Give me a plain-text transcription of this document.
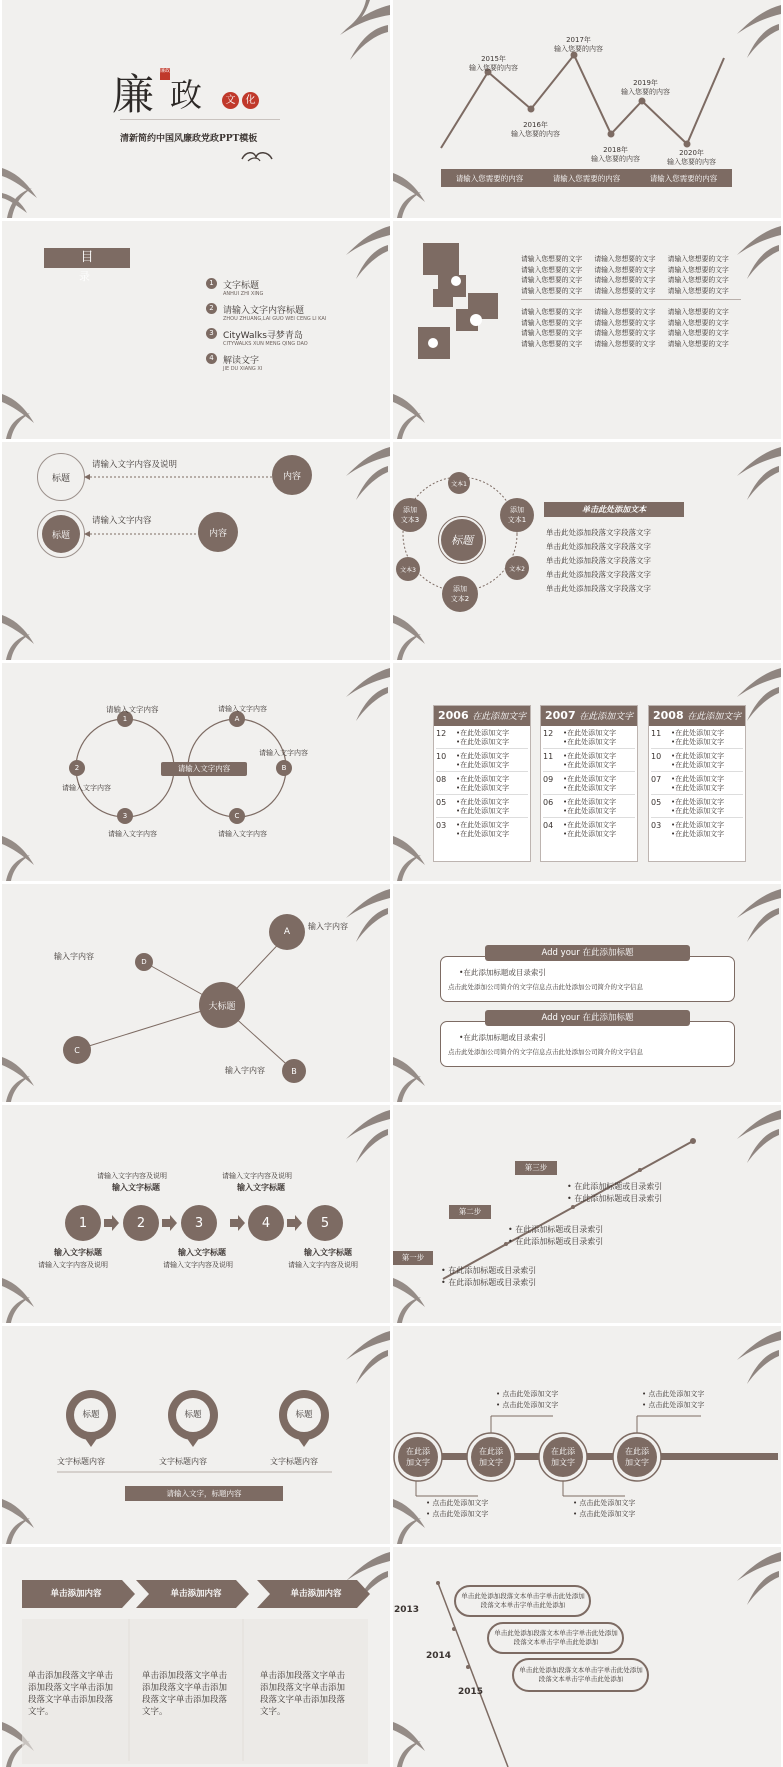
廉 廉政
政	文	化
清新简约中国风廉政党政PPT模板
2015年
输入您要的内容
2016年
输入您要的内容
2017年
输入您要的内容
2018年
输入您要的内容
2019年
输入您要的内容
2020年
输入您要的内容
请输入您需要的内容	请输入您需要的内容	请输入您需要的内容
目
录	1	文字标题
ANHUI ZHI XING
2	请输入文字内容标题
ZHOU ZHUANG,LAI GUO WEI CENG LI KAI
3	CityWalks寻梦青岛
CITYWALKS XUN MENG QING DAO
4	解读文字
JIE DU XIANG XI
请输入您想要的文字	请输入您想要的文字	请输入您想要的文字
请输入您想要的文字	请输入您想要的文字	请输入您想要的文字
请输入您想要的文字	请输入您想要的文字	请输入您想要的文字
请输入您想要的文字	请输入您想要的文字	请输入您想要的文字
请输入您想要的文字	请输入您想要的文字	请输入您想要的文字
请输入您想要的文字	请输入您想要的文字	请输入您想要的文字
请输入您想要的文字	请输入您想要的文字	请输入您想要的文字
请输入您想要的文字	请输入您想要的文字	请输入您想要的文字
标题
请输入文字内容及说明
内容
标题
请输入文字内容
内容
标题
文本1
添加
文本1
文本2
添加
文本2
文本3
添加
文本3
单击此处添加文本
单击此处添加段落文字段落文字
单击此处添加段落文字段落文字
单击此处添加段落文字段落文字
单击此处添加段落文字段落文字
单击此处添加段落文字段落文字
请输入文字内容
1
2
3
A
B
C
请输入文字内容
请输入文字内容
请输入文字内容
请输入文字内容
请输入文字内容
请输入文字内容
2006 在此添加文字
12	•在此处添加文字
•在此处添加文字
10	•在此处添加文字
•在此处添加文字
08	•在此处添加文字
•在此处添加文字
05	•在此处添加文字
•在此处添加文字
03	•在此处添加文字
•在此处添加文字
2007 在此添加文字
12	•在此处添加文字
•在此处添加文字
11	•在此处添加文字
•在此处添加文字
09	•在此处添加文字
•在此处添加文字
06	•在此处添加文字
•在此处添加文字
04	•在此处添加文字
•在此处添加文字
2008 在此添加文字
11	•在此处添加文字
•在此处添加文字
10	•在此处添加文字
•在此处添加文字
07	•在此处添加文字
•在此处添加文字
05	•在此处添加文字
•在此处添加文字
03	•在此处添加文字
•在此处添加文字
大标题
A
B
C
D
输入字内容
输入字内容
输入字内容	Add your 在此添加标题
•在此添加标题或目录索引
点击此处添加公司简介的文字信息点击此处添加公司简介的文字信息
Add your 在此添加标题
•在此添加标题或目录索引
点击此处添加公司简介的文字信息点击此处添加公司简介的文字信息
1	2	3	4	5
请输入文字内容及说明
输入文字标题
请输入文字内容及说明
输入文字标题
输入文字标题
请输入文字内容及说明
输入文字标题
请输入文字内容及说明
输入文字标题
请输入文字内容及说明
第一步
第二步
第三步
• 在此添加标题或目录索引
• 在此添加标题或目录索引
• 在此添加标题或目录索引
• 在此添加标题或目录索引
• 在此添加标题或目录索引
• 在此添加标题或目录索引
标题	标题	标题
文字标题内容	文字标题内容	文字标题内容
请输入文字，标题内容
在此添
加文字
在此添
加文字
在此添
加文字
在此添
加文字
• 点击此处添加文字
• 点击此处添加文字
• 点击此处添加文字
• 点击此处添加文字
• 点击此处添加文字
• 点击此处添加文字
• 点击此处添加文字
• 点击此处添加文字
单击添加内容	单击添加内容	单击添加内容
单击添加段落文字单击添加段落文字单击添加段落文字单击添加段落文字。
单击添加段落文字单击添加段落文字单击添加段落文字单击添加段落文字。
单击添加段落文字单击添加段落文字单击添加段落文字单击添加段落文字。
2013
2014
2015
单击此处添加段落文本单击字单击此处添加段落文本单击字单击此处添加
单击此处添加段落文本单击字单击此处添加段落文本单击字单击此处添加
单击此处添加段落文本单击字单击此处添加段落文本单击字单击此处添加
